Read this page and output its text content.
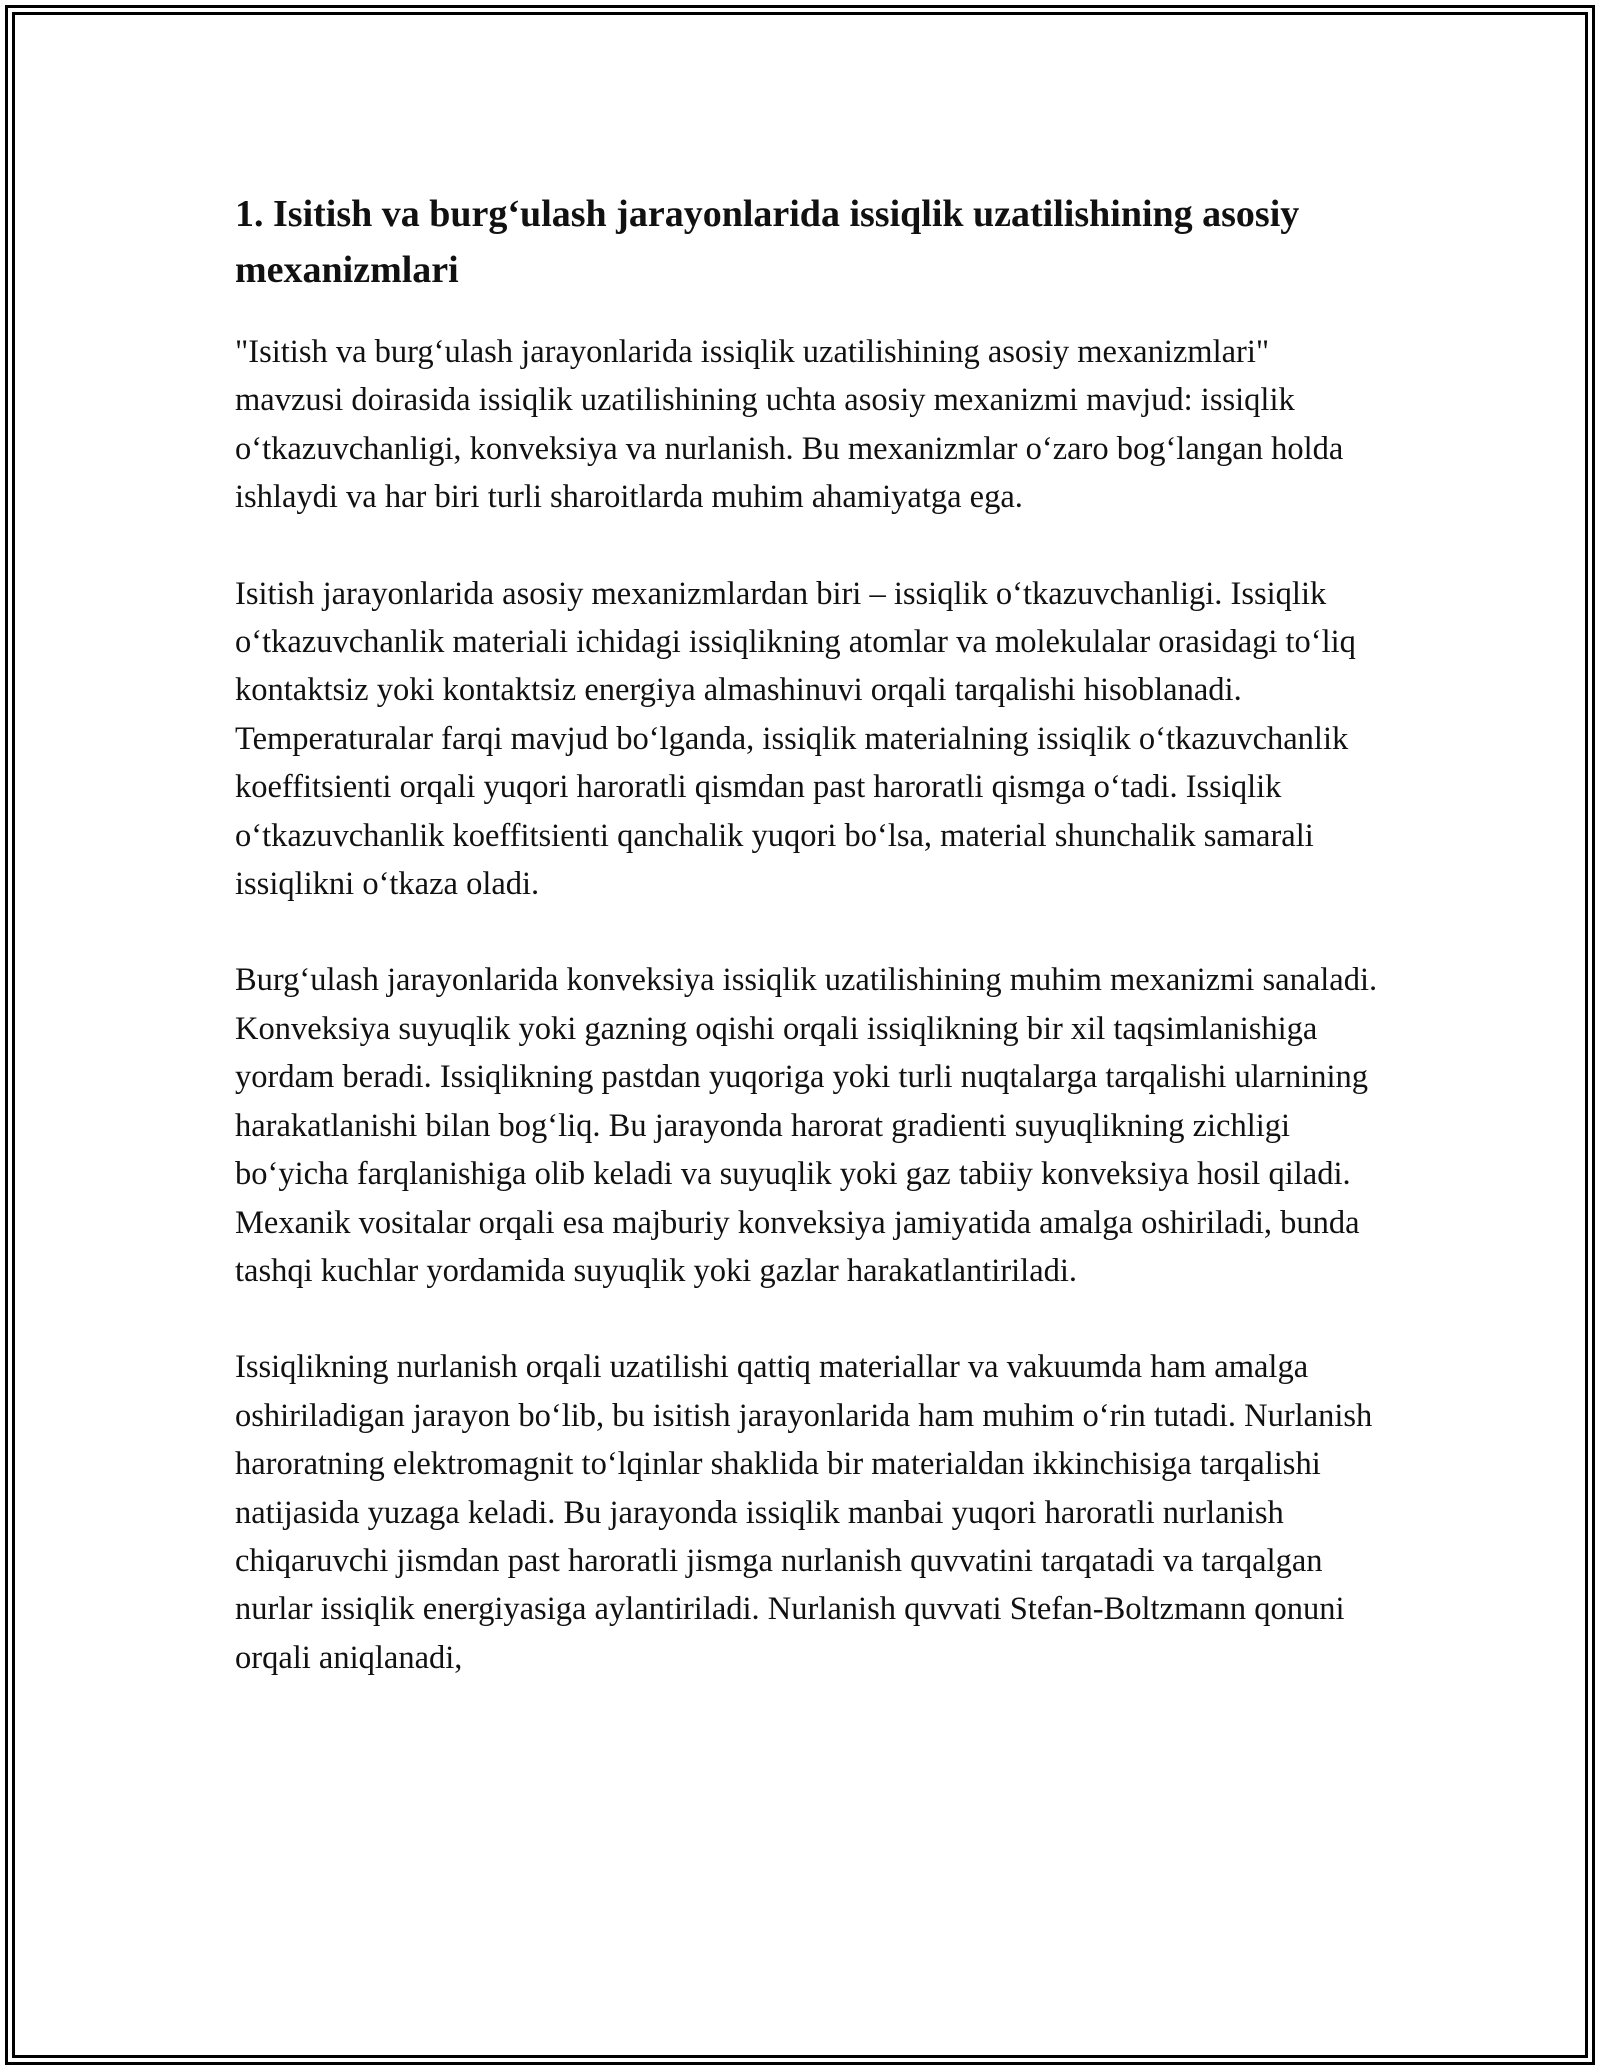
1. Isitish va burg‘ulash jarayonlarida issiqlik uzatilishining asosiy mexanizmlari

"Isitish va burg‘ulash jarayonlarida issiqlik uzatilishining asosiy mexanizmlari" mavzusi doirasida issiqlik uzatilishining uchta asosiy mexanizmi mavjud: issiqlik o‘tkazuvchanligi, konveksiya va nurlanish. Bu mexanizmlar o‘zaro bog‘langan holda ishlaydi va har biri turli sharoitlarda muhim ahamiyatga ega.

Isitish jarayonlarida asosiy mexanizmlardan biri – issiqlik o‘tkazuvchanligi. Issiqlik o‘tkazuvchanlik materiali ichidagi issiqlikning atomlar va molekulalar orasidagi to‘liq kontaktsiz yoki kontaktsiz energiya almashinuvi orqali tarqalishi hisoblanadi. Temperaturalar farqi mavjud bo‘lganda, issiqlik materialning issiqlik o‘tkazuvchanlik koeffitsienti orqali yuqori haroratli qismdan past haroratli qismga o‘tadi. Issiqlik o‘tkazuvchanlik koeffitsienti qanchalik yuqori bo‘lsa, material shunchalik samarali issiqlikni o‘tkaza oladi.

Burg‘ulash jarayonlarida konveksiya issiqlik uzatilishining muhim mexanizmi sanaladi. Konveksiya suyuqlik yoki gazning oqishi orqali issiqlikning bir xil taqsimlanishiga yordam beradi. Issiqlikning pastdan yuqoriga yoki turli nuqtalarga tarqalishi ularnining harakatlanishi bilan bog‘liq. Bu jarayonda harorat gradienti suyuqlikning zichligi bo‘yicha farqlanishiga olib keladi va suyuqlik yoki gaz tabiiy konveksiya hosil qiladi. Mexanik vositalar orqali esa majburiy konveksiya jamiyatida amalga oshiriladi, bunda tashqi kuchlar yordamida suyuqlik yoki gazlar harakatlantiriladi.

Issiqlikning nurlanish orqali uzatilishi qattiq materiallar va vakuumda ham amalga oshiriladigan jarayon bo‘lib, bu isitish jarayonlarida ham muhim o‘rin tutadi. Nurlanish haroratning elektromagnit to‘lqinlar shaklida bir materialdan ikkinchisiga tarqalishi natijasida yuzaga keladi. Bu jarayonda issiqlik manbai yuqori haroratli nurlanish chiqaruvchi jismdan past haroratli jismga nurlanish quvvatini tarqatadi va tarqalgan nurlar issiqlik energiyasiga aylantiriladi. Nurlanish quvvati Stefan-Boltzmann qonuni orqali aniqlanadi,
